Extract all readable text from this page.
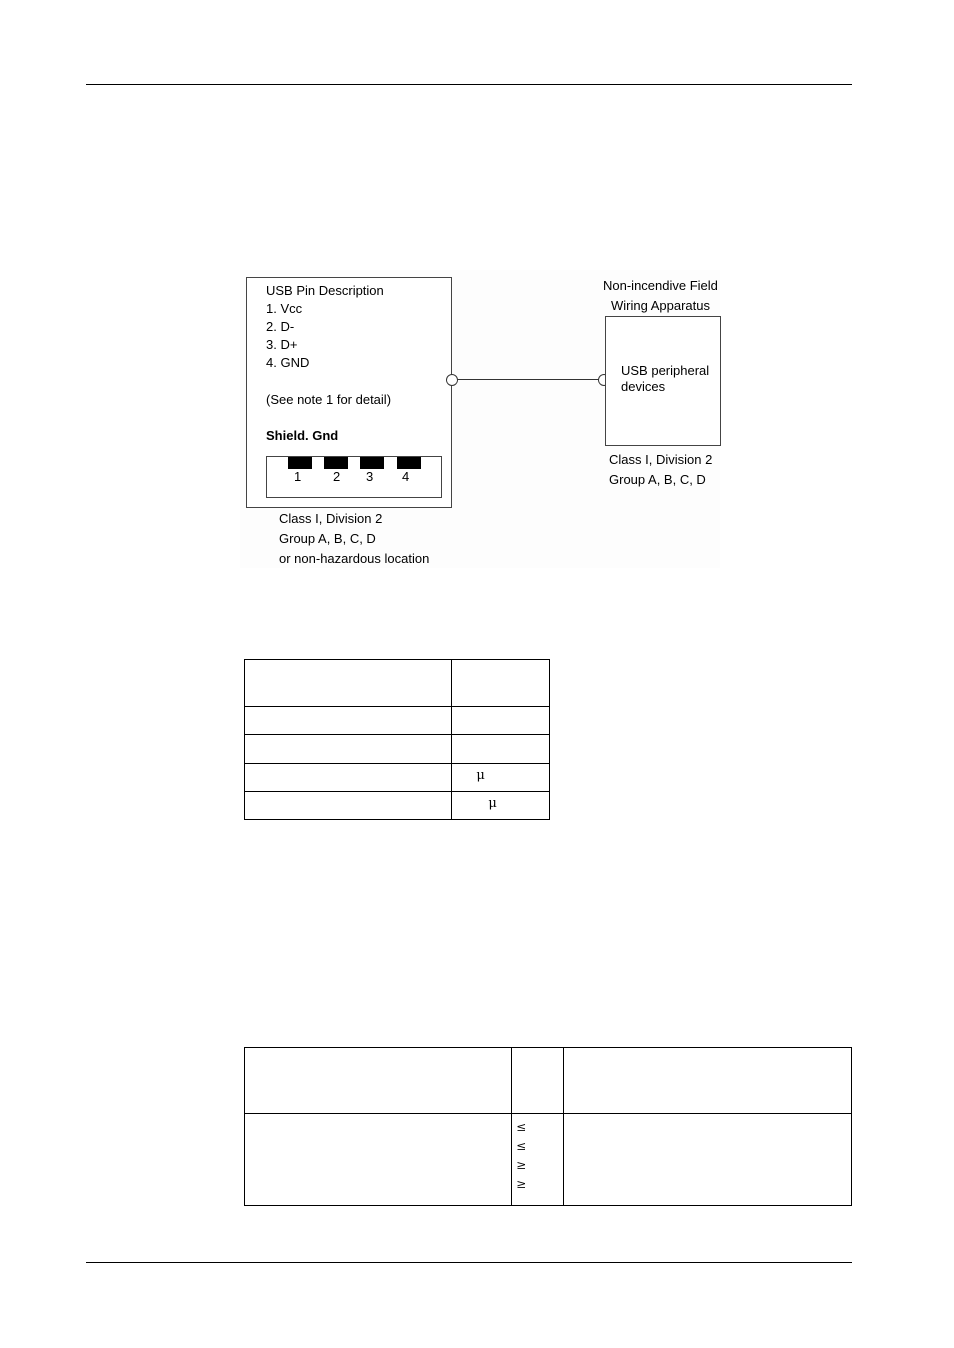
USB Pin Description
1. Vcc
2. D-
3. D+
4. GND
(See note 1 for detail)
Shield. Gnd
1 2 3 4
Class I, Division 2
Group A, B, C, D
or non-hazardous location
Non-incendive Field
Wiring Apparatus
USB peripheral
devices
Class I, Division 2
Group A, B, C, D

	μ
	μ

	≤
≤
≥
≥	
